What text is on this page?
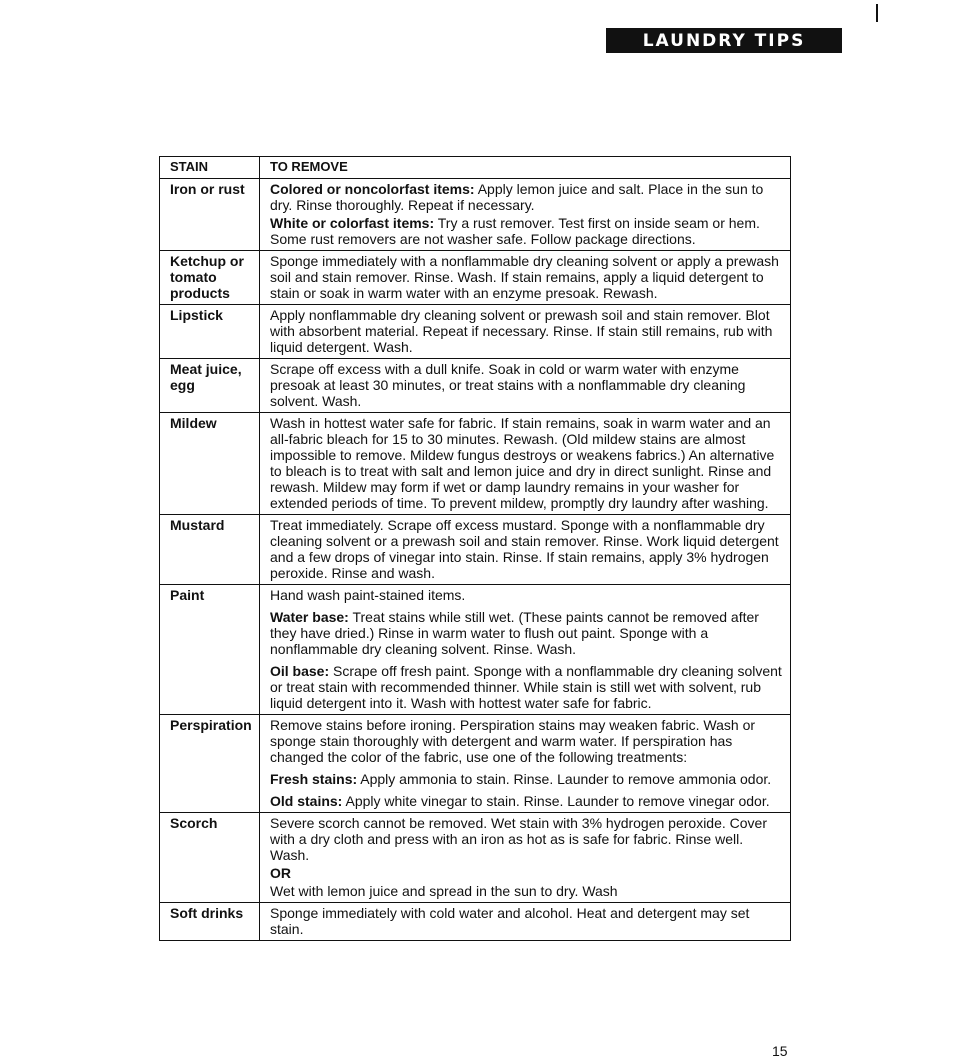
LAUNDRY TIPS
STAIN	TO REMOVE
Iron or rust	Colored or noncolorfast items: Apply lemon juice and salt. Place in the sun to dry. Rinse thoroughly. Repeat if necessary.

White or colorfast items: Try a rust remover. Test first on inside seam or hem. Some rust removers are not washer safe. Follow package directions.

Ketchup or tomato products	Sponge immediately with a nonflammable dry cleaning solvent or apply a prewash soil and stain remover. Rinse. Wash. If stain remains, apply a liquid detergent to stain or soak in warm water with an enzyme presoak. Rewash.

Lipstick	Apply nonflammable dry cleaning solvent or prewash soil and stain remover. Blot with absorbent material. Repeat if necessary. Rinse. If stain still remains, rub with liquid detergent. Wash.

Meat juice, egg	Scrape off excess with a dull knife. Soak in cold or warm water with enzyme presoak at least 30 minutes, or treat stains with a nonflammable dry cleaning solvent. Wash.

Mildew	Wash in hottest water safe for fabric. If stain remains, soak in warm water and an all-fabric bleach for 15 to 30 minutes. Rewash. (Old mildew stains are almost impossible to remove. Mildew fungus destroys or weakens fabrics.) An alternative to bleach is to treat with salt and lemon juice and dry in direct sunlight. Rinse and rewash. Mildew may form if wet or damp laundry remains in your washer for extended periods of time. To prevent mildew, promptly dry laundry after washing.

Mustard	Treat immediately. Scrape off excess mustard. Sponge with a nonflammable dry cleaning solvent or a prewash soil and stain remover. Rinse. Work liquid detergent and a few drops of vinegar into stain. Rinse. If stain remains, apply 3% hydrogen peroxide. Rinse and wash.

Paint	Hand wash paint-stained items.

Water base: Treat stains while still wet. (These paints cannot be removed after they have dried.) Rinse in warm water to flush out paint. Sponge with a nonflammable dry cleaning solvent. Rinse. Wash.

Oil base: Scrape off fresh paint. Sponge with a nonflammable dry cleaning solvent or treat stain with recommended thinner. While stain is still wet with solvent, rub liquid detergent into it. Wash with hottest water safe for fabric.

Perspiration	Remove stains before ironing. Perspiration stains may weaken fabric. Wash or sponge stain thoroughly with detergent and warm water. If perspiration has changed the color of the fabric, use one of the following treatments:

Fresh stains: Apply ammonia to stain. Rinse. Launder to remove ammonia odor.

Old stains: Apply white vinegar to stain. Rinse. Launder to remove vinegar odor.

Scorch	Severe scorch cannot be removed. Wet stain with 3% hydrogen peroxide. Cover with a dry cloth and press with an iron as hot as is safe for fabric. Rinse well. Wash.

OR

Wet with lemon juice and spread in the sun to dry. Wash

Soft drinks	Sponge immediately with cold water and alcohol. Heat and detergent may set stain.

15
